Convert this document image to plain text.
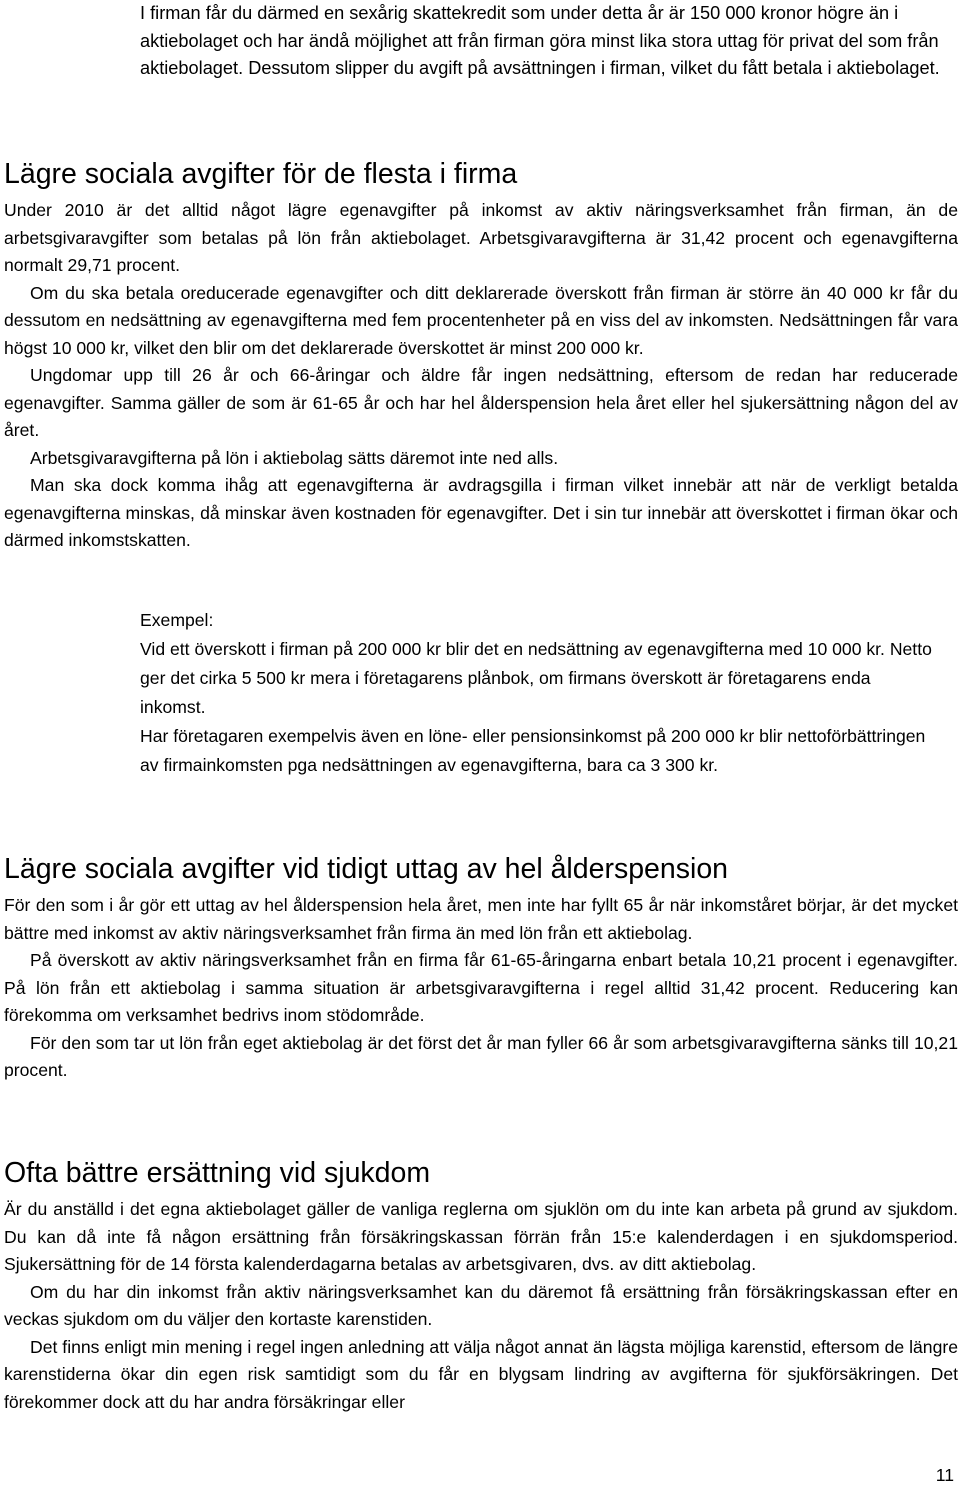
I firman får du därmed en sexårig skattekredit som under detta år är 150 000 kronor högre än i aktiebolaget och har ändå möjlighet att från firman göra minst lika stora uttag för privat del som från aktiebolaget. Dessutom slipper du avgift på avsättningen i firman, vilket du fått betala i aktiebolaget.

Lägre sociala avgifter för de flesta i firma

Under 2010 är det alltid något lägre egenavgifter på inkomst av aktiv näringsverksamhet från firman, än de arbetsgivaravgifter som betalas på lön från aktiebolaget. Arbetsgivaravgifterna är 31,42 procent och egenavgifterna normalt 29,71 procent.

Om du ska betala oreducerade egenavgifter och ditt deklarerade överskott från firman är större än 40 000 kr får du dessutom en nedsättning av egenavgifterna med fem procentenheter på en viss del av inkomsten. Nedsättningen får vara högst 10 000 kr, vilket den blir om det deklarerade överskottet är minst 200 000 kr.

Ungdomar upp till 26 år och 66-åringar och äldre får ingen nedsättning, eftersom de redan har reducerade egenavgifter. Samma gäller de som är 61-65 år och har hel ålderspension hela året eller hel sjukersättning någon del av året.

Arbetsgivaravgifterna på lön i aktiebolag sätts däremot inte ned alls.

Man ska dock komma ihåg att egenavgifterna är avdragsgilla i firman vilket innebär att när de verkligt betalda egenavgifterna minskas, då minskar även kostnaden för egenavgifter. Det i sin tur innebär att överskottet i firman ökar och därmed inkomstskatten.

Exempel:

Vid ett överskott i firman på 200 000 kr blir det en nedsättning av egenavgifterna med 10 000 kr. Netto ger det cirka 5 500 kr mera i företagarens plånbok, om firmans överskott är företagarens enda inkomst.

Har företagaren exempelvis även en löne- eller pensionsinkomst på 200 000 kr blir nettoförbättringen av firmainkomsten pga nedsättningen av egenavgifterna, bara ca 3 300 kr.

Lägre sociala avgifter vid tidigt uttag av hel ålderspension

För den som i år gör ett uttag av hel ålderspension hela året, men inte har fyllt 65 år när inkomståret börjar, är det mycket bättre med inkomst av aktiv näringsverksamhet från firma än med lön från ett aktiebolag.

På överskott av aktiv näringsverksamhet från en firma får 61-65-åringarna enbart betala 10,21 procent i egenavgifter. På lön från ett aktiebolag i samma situation är arbetsgivaravgifterna i regel alltid 31,42 procent. Reducering kan förekomma om verksamhet bedrivs inom stödområde.

För den som tar ut lön från eget aktiebolag är det först det år man fyller 66 år som arbetsgivaravgifterna sänks till 10,21 procent.

Ofta bättre ersättning vid sjukdom

Är du anställd i det egna aktiebolaget gäller de vanliga reglerna om sjuklön om du inte kan arbeta på grund av sjukdom. Du kan då inte få någon ersättning från försäkringskassan förrän från 15:e kalenderdagen i en sjukdomsperiod. Sjukersättning för de 14 första kalenderdagarna betalas av arbetsgivaren, dvs. av ditt aktiebolag.

Om du har din inkomst från aktiv näringsverksamhet kan du däremot få ersättning från försäkringskassan efter en veckas sjukdom om du väljer den kortaste karenstiden.

Det finns enligt min mening i regel ingen anledning att välja något annat än lägsta möjliga karenstid, eftersom de längre karenstiderna ökar din egen risk samtidigt som du får en blygsam lindring av avgifterna för sjukförsäkringen. Det förekommer dock att du har andra försäkringar eller

11
